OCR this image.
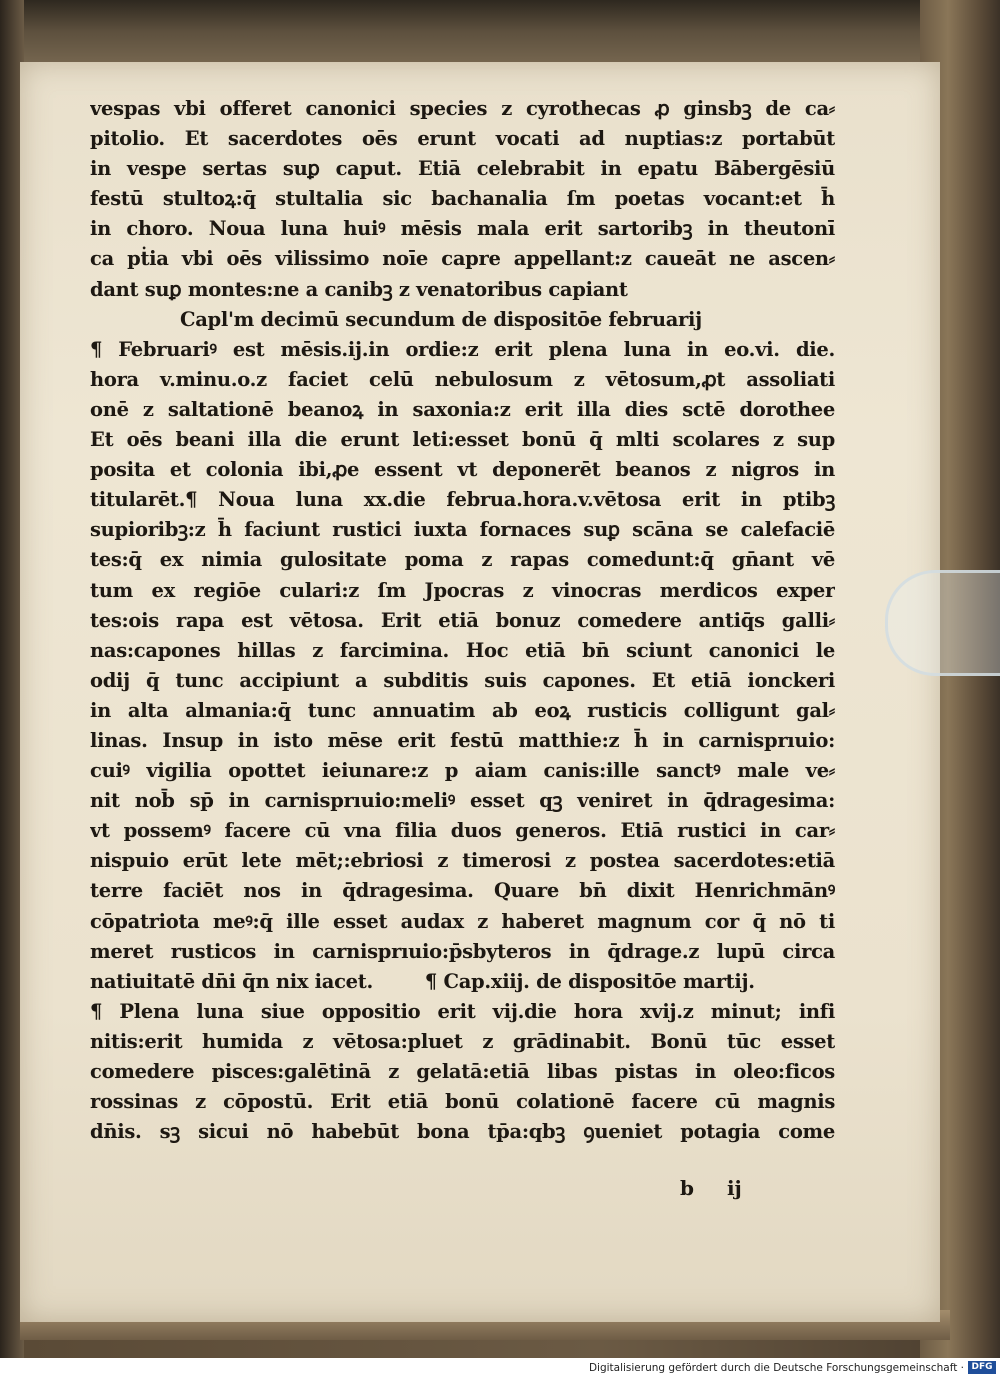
vespas vbi offeret canonici species z cyrothecas ꝓ ginsbꝫ de ca⸗
pitolio. Et sacerdotes oēs erunt vocati ad nuptias:z portabūt
in vespe sertas suꝑ caput. Etiā celebrabit in epatu Bābergēsiū
festū stultoꝝ:q̄ stultalia sic bachanalia ſm poetas vocant:et h̄
in choro. Noua luna huiꝰ mēsis mala erit sartoribꝫ in theutonī
ca pṫia vbi oēs vilissimo noīe capre appellant:z caueāt ne ascen⸗
dant suꝑ montes:ne a canibꝫ z venatoribus capiant
Capl'm decimū secundum de dispositōe februarij
¶ Februariꝰ est mēsis.ij.in ordie:z erit plena luna in eo.vi. die.
hora v.minu.o.z faciet celū nebulosum z vētosum,ꝓt assoliati
onē z saltationē beanoꝝ in saxonia:z erit illa dies sctē dorothee
Et oēs beani illa die erunt leti:esset bonū q̄ mlti scolares z sup
posita et colonia ibi,ꝓe essent vt deponerēt beanos z nigros in
titularēt.¶ Noua luna xx.die februa.hora.v.vētosa erit in ptibꝫ
supioribꝫ:z h̄ faciunt rustici iuxta fornaces suꝑ scāna se calefaciē
tes:q̄ ex nimia gulositate poma z rapas comedunt:q̄ gn̄ant vē
tum ex regiōe culari:z ſm Jpocras z vinocras merdicos exper
tes:ois rapa est vētosa. Erit etiā bonuz comedere antiq̄s galli⸗
nas:capones hillas z farcimina. Hoc etiā bn̄ sciunt canonici le
odij q̄ tunc accipiunt a subditis suis capones. Et etiā ionckeri
in alta almania:q̄ tunc annuatim ab eoꝝ rusticis colligunt gal⸗
linas. Insup in isto mēse erit festū matthie:z h̄ in carnisprıuio:
cuiꝰ vigilia opottet ieiunare:z p aiam canis:ille sanctꝰ male ve⸗
nit nob̄ sp̄ in carnisprıuio:meliꝰ esset qꝫ veniret in q̄dragesima:
vt possemꝰ facere cū vna filia duos generos. Etiā rustici in car⸗
nispuio erūt lete mēt;:ebriosi z timerosi z postea sacerdotes:etiā
terre faciēt nos in q̄dragesima. Quare bn̄ dixit Henrichmānꝰ
cōpatriota meꝰ:q̄ ille esset audax z haberet magnum cor q̄ nō ti
meret rusticos in carnisprıuio:p̄sbyteros in q̄drage.z lupū circa
natiuitatē dn̄i q̄n nix iacet.        ¶ Cap.xiij. de dispositōe martij.
¶ Plena luna siue oppositio erit vij.die hora xvij.z minut; infi
nitis:erit humida z vētosa:pluet z grādinabit. Bonū tūc esset
comedere pisces:galētinā z gelatā:etiā libas pistas in oleo:ficos
rossinas z cōpostū. Erit etiā bonū colationē facere cū magnis
dn̄is. sꝫ sicui nō habebūt bona tp̄a:qbꝫ ꝯueniet potagia come
b ij
Digitalisierung gefördert durch die Deutsche Forschungsgemeinschaft · DFG
